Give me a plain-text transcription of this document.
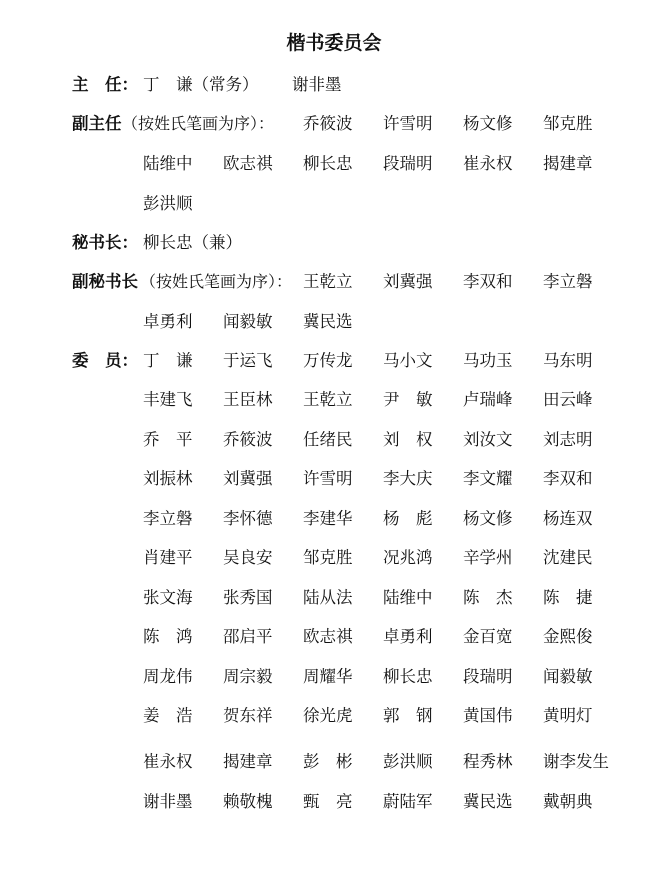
楷书委员会
主　任： 丁　谦（常务） 谢非墨
副主任 （按姓氏笔画为序）： 乔筱波 许雪明 杨文修 邹克胜
陆维中 欧志祺 柳长忠 段瑞明 崔永权 揭建章
彭洪顺
秘书长： 柳长忠（兼）
副秘书长 （按姓氏笔画为序）： 王乾立 刘冀强 李双和 李立磐
卓勇利 闻毅敏 冀民选
委　员： 丁　谦 于运飞 万传龙 马小文 马功玉 马东明
丰建飞 王臣林 王乾立 尹　敏 卢瑞峰 田云峰
乔　平 乔筱波 任绪民 刘　权 刘汝文 刘志明
刘振林 刘冀强 许雪明 李大庆 李文耀 李双和
李立磐 李怀德 李建华 杨　彪 杨文修 杨连双
肖建平 吴良安 邹克胜 况兆鸿 辛学州 沈建民
张文海 张秀国 陆从法 陆维中 陈　杰 陈　捷
陈　鸿 邵启平 欧志祺 卓勇利 金百宽 金熙俊
周龙伟 周宗毅 周耀华 柳长忠 段瑞明 闻毅敏
姜　浩 贺东祥 徐光虎 郭　钢 黄国伟 黄明灯
崔永权 揭建章 彭　彬 彭洪顺 程秀林 谢李发生
谢非墨 赖敬槐 甄　亮 蔚陆军 冀民选 戴朝典
